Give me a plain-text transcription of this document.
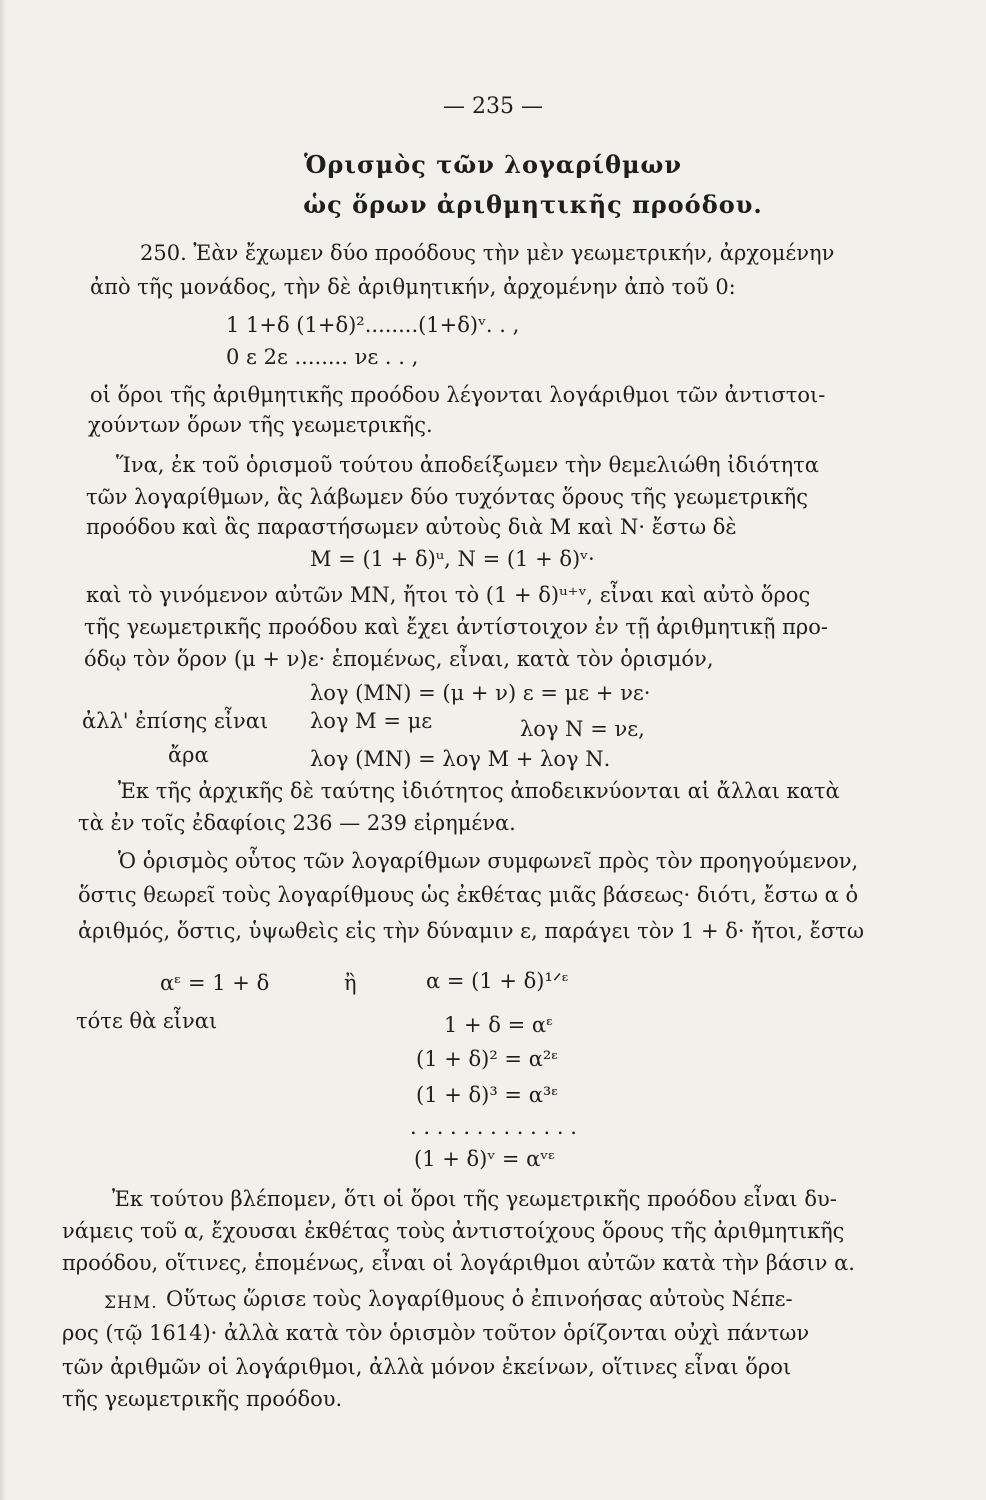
— 235 —
Ὁρισμὸς τῶν λογαρίθμων
ὡς ὅρων ἀριθμητικῆς προόδου.
250. Ἐὰν ἔχωμεν δύο προόδους τὴν μὲν γεωμετρικήν, ἀρχομένην
ἀπὸ τῆς μονάδος, τὴν δὲ ἀριθμητικήν, ἀρχομένην ἀπὸ τοῦ 0:
1 1+δ (1+δ)²........(1+δ)ᵛ. . ,
0 ε 2ε ........ νε . . ,
οἱ ὅροι τῆς ἀριθμητικῆς προόδου λέγονται λογάριθμοι τῶν ἀντιστοι-
χούντων ὅρων τῆς γεωμετρικῆς.
Ἵνα, ἐκ τοῦ ὁρισμοῦ τούτου ἀποδείξωμεν τὴν θεμελιώθη ἰδιότητα
τῶν λογαρίθμων, ἃς λάβωμεν δύο τυχόντας ὅρους τῆς γεωμετρικῆς
προόδου καὶ ἃς παραστήσωμεν αὐτοὺς διὰ Μ καὶ Ν· ἔστω δὲ
Μ = (1 + δ)ᵘ, Ν = (1 + δ)ᵛ·
καὶ τὸ γινόμενον αὐτῶν ΜΝ, ἤτοι τὸ (1 + δ)ᵘ⁺ᵛ, εἶναι καὶ αὐτὸ ὅρος
τῆς γεωμετρικῆς προόδου καὶ ἔχει ἀντίστοιχον ἐν τῇ ἀριθμητικῇ προ-
όδῳ τὸν ὅρον (μ + ν)ε· ἑπομένως, εἶναι, κατὰ τὸν ὁρισμόν,
λογ (ΜΝ) = (μ + ν) ε = με + νε·
ἀλλ' ἐπίσης εἶναι λογ Μ = με	λογ Ν = νε,
ἄρα	λογ (ΜΝ) = λογ Μ + λογ Ν.
Ἐκ τῆς ἀρχικῆς δὲ ταύτης ἰδιότητος ἀποδεικνύονται αἱ ἄλλαι κατὰ
τὰ ἐν τοῖς ἐδαφίοις 236 — 239 εἰρημένα.
Ὁ ὁρισμὸς οὗτος τῶν λογαρίθμων συμφωνεῖ πρὸς τὸν προηγούμενον,
ὅστις θεωρεῖ τοὺς λογαρίθμους ὡς ἐκθέτας μιᾶς βάσεως· διότι, ἔστω α ὁ
ἀριθμός, ὅστις, ὑψωθεὶς εἰς τὴν δύναμιν ε, παράγει τὸν 1 + δ· ἤτοι, ἔστω
αᵋ = 1 + δ	ἢ	α = (1 + δ)¹ᐟᵋ
τότε θὰ εἶναι	1 + δ = αᵋ
(1 + δ)² = α²ᵋ
(1 + δ)³ = α³ᵋ
. . . . . . . . . . . . .
(1 + δ)ᵛ = αᵛᵋ
Ἐκ τούτου βλέπομεν, ὅτι οἱ ὅροι τῆς γεωμετρικῆς προόδου εἶναι δυ-
νάμεις τοῦ α, ἔχουσαι ἐκθέτας τοὺς ἀντιστοίχους ὅρους τῆς ἀριθμητικῆς
προόδου, οἵτινες, ἑπομένως, εἶναι οἱ λογάριθμοι αὐτῶν κατὰ τὴν βάσιν α.
ΣΗΜ. Οὕτως ὥρισε τοὺς λογαρίθμους ὁ ἐπινοήσας αὐτοὺς Νέπε-
ρος (τῷ 1614)· ἀλλὰ κατὰ τὸν ὁρισμὸν τοῦτον ὁρίζονται οὐχὶ πάντων
τῶν ἀριθμῶν οἱ λογάριθμοι, ἀλλὰ μόνον ἐκείνων, οἵτινες εἶναι ὅροι
τῆς γεωμετρικῆς προόδου.
